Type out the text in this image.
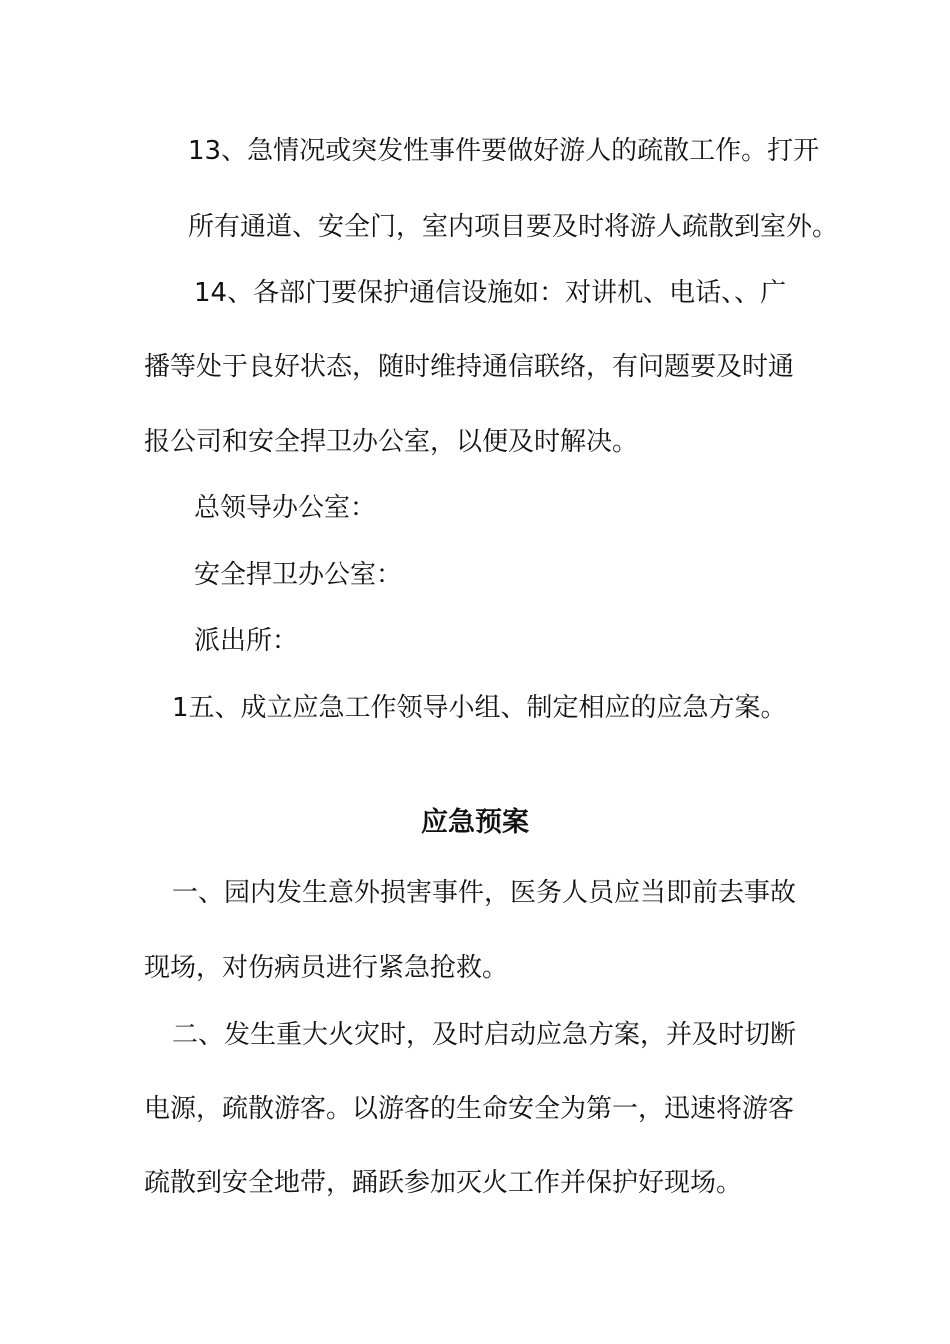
13、急情况或突发性事件要做好游人的疏散工作。打开
所有通道、安全门，室内项目要及时将游人疏散到室外。
14、各部门要保护通信设施如：对讲机、电话、、广
播等处于良好状态，随时维持通信联络，有问题要及时通
报公司和安全捍卫办公室，以便及时解决。
总领导办公室：
安全捍卫办公室：
派出所：
1五、成立应急工作领导小组、制定相应的应急方案。
应急预案
一、园内发生意外损害事件，医务人员应当即前去事故
现场，对伤病员进行紧急抢救。
二、发生重大火灾时，及时启动应急方案，并及时切断
电源，疏散游客。以游客的生命安全为第一，迅速将游客
疏散到安全地带，踊跃参加灭火工作并保护好现场。
